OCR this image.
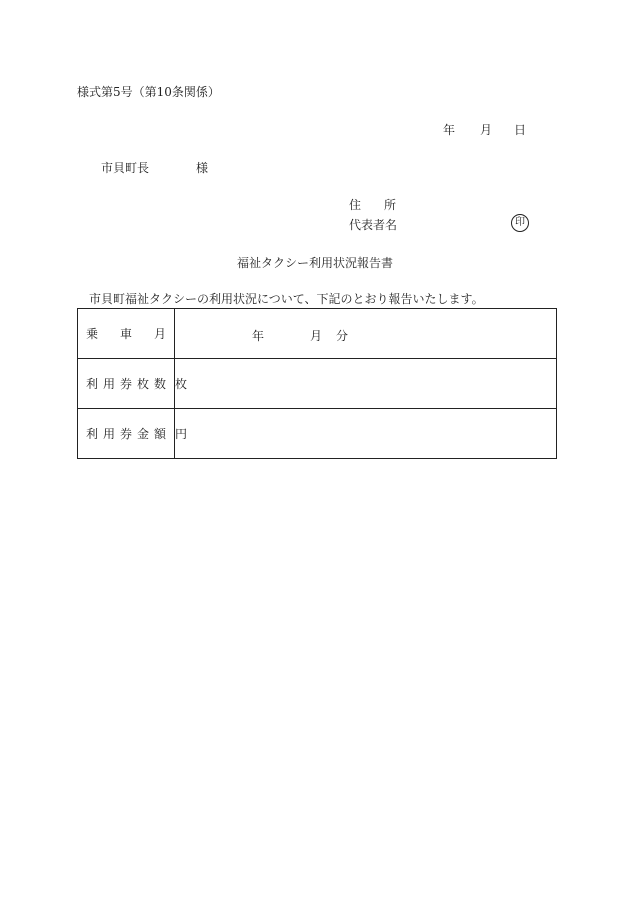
様式第5号（第10条関係）
年 月 日
市貝町長	様
住 所
代表者名	印
福祉タクシー利用状況報告書
市貝町福祉タクシーの利用状況について、下記のとおり報告いたします。
乗 車 月	年 月 分

利 用 券 枚 数	枚

利 用 券 金 額	円
